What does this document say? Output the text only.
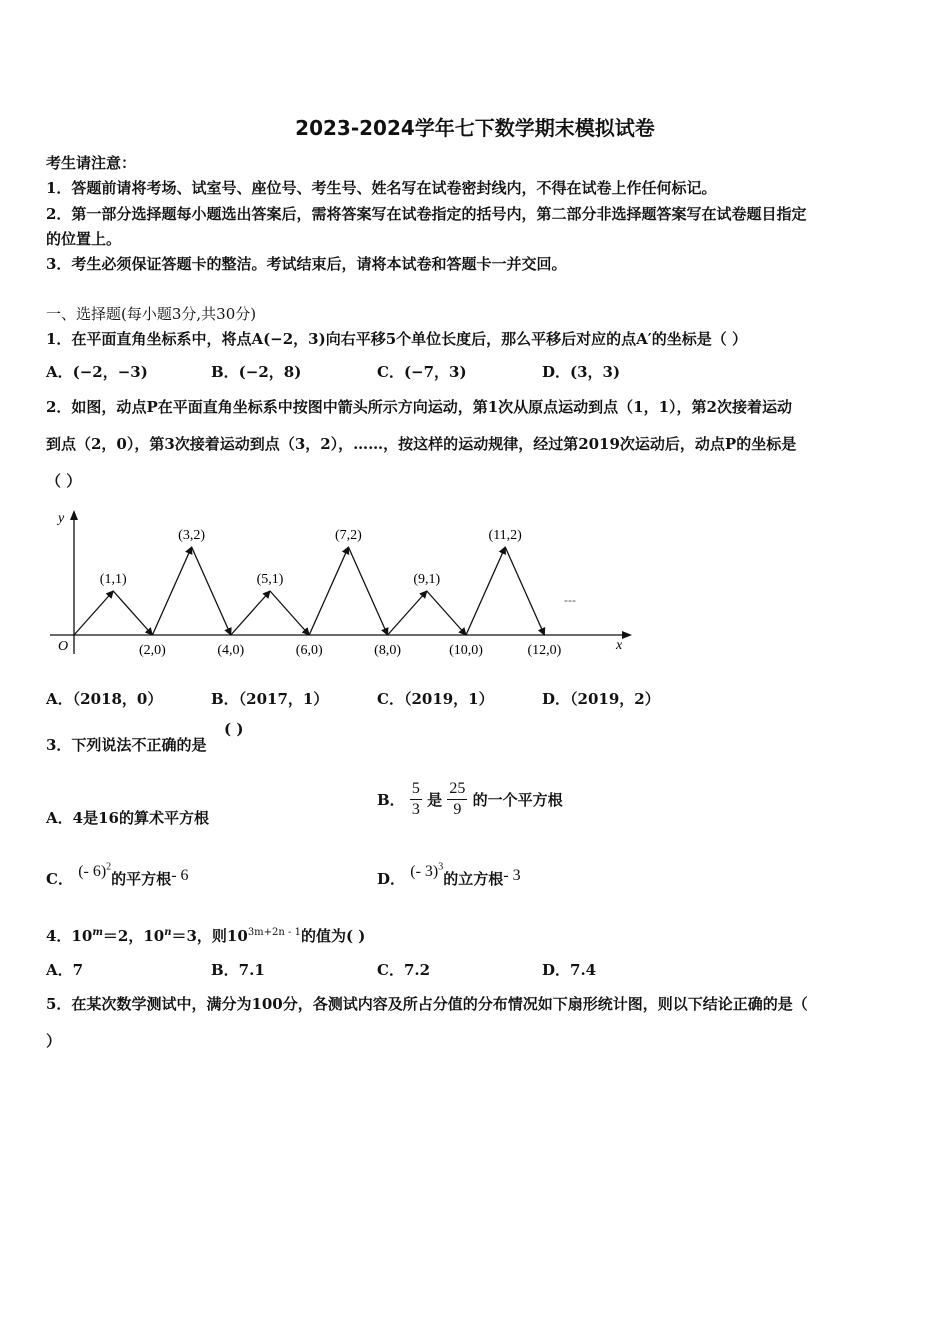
2023-2024学年七下数学期末模拟试卷
考生请注意：
1．答题前请将考场、试室号、座位号、考生号、姓名写在试卷密封线内，不得在试卷上作任何标记。
2．第一部分选择题每小题选出答案后，需将答案写在试卷指定的括号内，第二部分非选择题答案写在试卷题目指定
的位置上。
3．考生必须保证答题卡的整洁。考试结束后，请将本试卷和答题卡一并交回。
一、选择题(每小题3分,共30分)
1．在平面直角坐标系中，将点A(−2，3)向右平移5个单位长度后，那么平移后对应的点A′的坐标是（ ）
A．(−2，−3)	B．(−2，8)	C．(−7，3)	D．(3，3)
2．如图，动点P在平面直角坐标系中按图中箭头所示方向运动，第1次从原点运动到点（1，1），第2次接着运动
到点（2，0），第3次接着运动到点（3，2），……，按这样的运动规律，经过第2019次运动后，动点P的坐标是
（ ）
x
y
O
(1,1)
(2,0)
(3,2)
(4,0)
(5,1)
(6,0)
(7,2)
(8,0)
(9,1)
(10,0)
(11,2)
(12,0)
---
A．（2018，0）	B．（2017，1）	C．（2019，1）	D．（2019，2）
3．下列说法不正确的是
( )
A．4是16的算术平方根
B． $\frac{5}{3}$ 是 $\frac{25}{9}$ 的一个平方根
C． (- 6)$^2$的平方根- 6	D． (- 3)$^3$的立方根- 3
4．$10^m=2$，$10^n=3$，则$10^{3m+2n - 1}$的值为( )
A．7	B．7.1	C．7.2	D．7.4
5．在某次数学测试中，满分为100分，各测试内容及所占分值的分布情况如下扇形统计图，则以下结论正确的是（
）
